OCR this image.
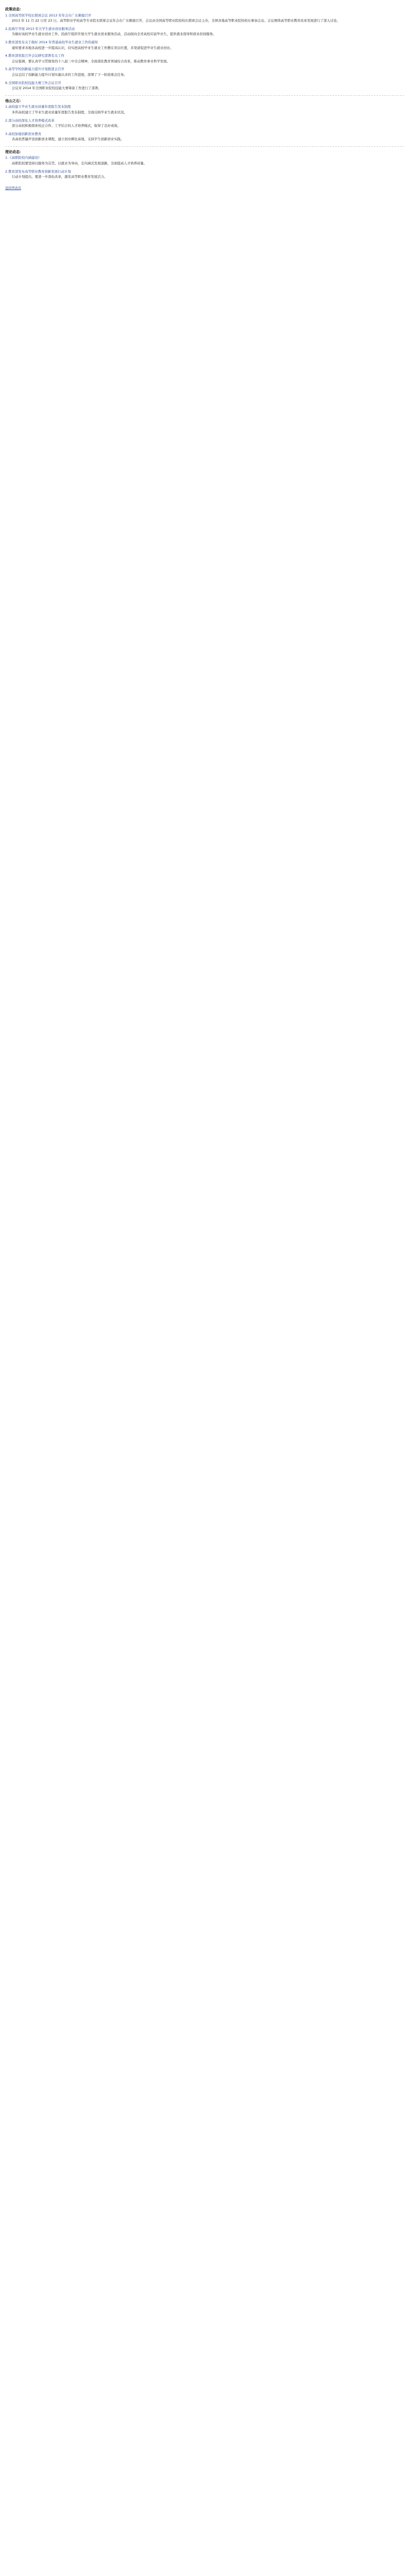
政策动态：
1.全国高等医学校长联席会议 2013 年年会在广东顺德召开

2013 年 11 月 22 日至 23 日，高等职业学校高等专业院长联席会议年会在广东顺德召开，会议由全国高等职业院校校长联席会议主办，全国各地高等职业院校校长参加会议。会议围绕高等职业教育改革发展进行了深入讨论。

2.民政厅开展 2013 年大学生就业创业服务活动

为做好高校毕业生就业创业工作，民政厅组织开展大学生就业创业服务活动，活动面向全省高校应届毕业生，提供就业指导和创业扶持服务。

3.教育部发布关于做好 2014 年普通高校毕业生就业工作的通知

通知要求各地各高校进一步提高认识，切实把高校毕业生就业工作摆在突出位置，多渠道促进毕业生就业创业。

4.教育部党组召开会议研究部署有关工作

会议强调，要认真学习贯彻党的十八届三中全会精神，全面深化教育领域综合改革，推动教育事业科学发展。

5.高等学校创新能力提升计划推进会召开

会议总结了创新能力提升计划实施以来的工作进展，部署了下一阶段重点任务。

6.全国职业院校技能大赛工作会议召开

会议对 2014 年全国职业院校技能大赛筹备工作进行了部署。

他山之石：
1.高校建立毕业生就业质量年度报告发布制度

多所高校建立了毕业生就业质量年度报告发布制度，全面反映毕业生就业状况。

2.部分高校深化人才培养模式改革

部分高校积极探索校企合作、工学结合的人才培养模式，取得了良好成效。

3.高校加强创新创业教育

各高校普遍开设创新创业课程，建立创业孵化基地，支持学生创新创业实践。

理论动态：
1.《高职院校内涵建设》

高职院校要坚持以服务为宗旨、以就业为导向，走内涵式发展道路，全面提高人才培养质量。

2.教育部发布高等职业教育创新发展行动计划

行动计划提出，要进一步深化改革，激发高等职业教育发展活力。

返回列表页
